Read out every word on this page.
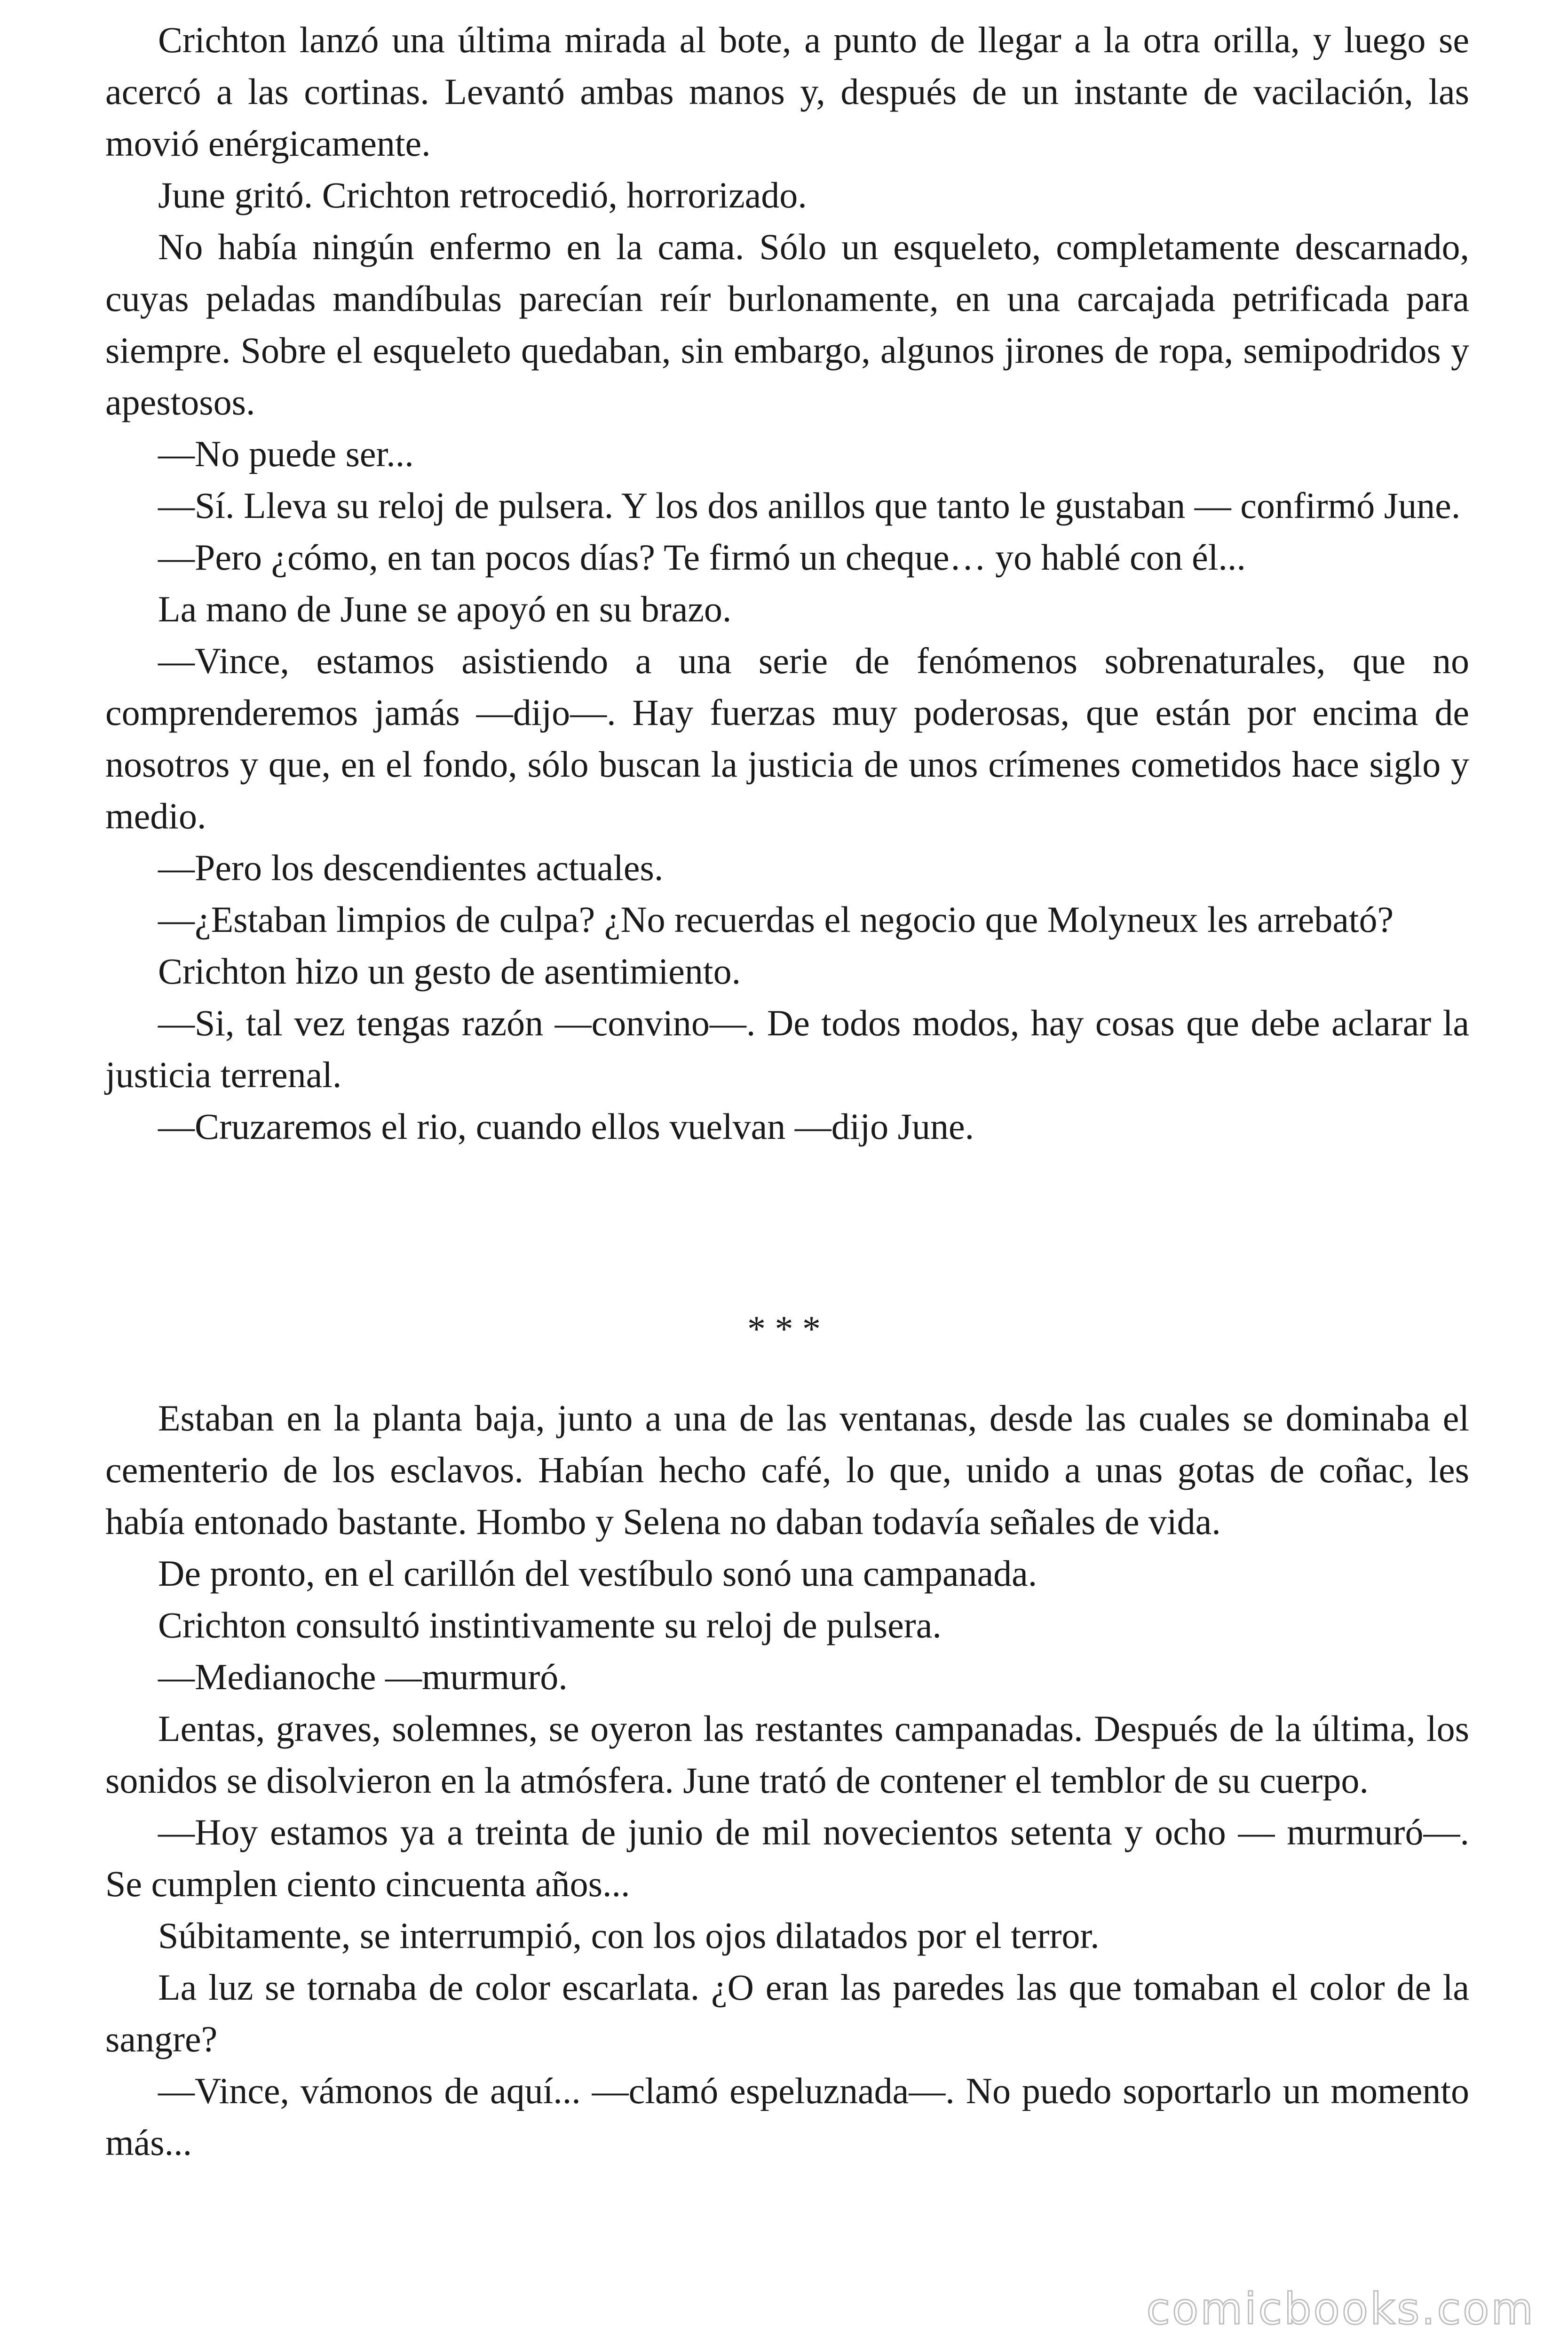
Crichton lanzó una última mirada al bote, a punto de llegar a la otra orilla, y luego se acercó a las cortinas. Levantó ambas manos y, después de un instante de vacilación, las movió enérgicamente.

June gritó. Crichton retrocedió, horrorizado.

No había ningún enfermo en la cama. Sólo un esqueleto, completamente descarnado, cuyas peladas mandíbulas parecían reír burlonamente, en una carcajada petrificada para siempre. Sobre el esqueleto quedaban, sin embargo, algunos jirones de ropa, semipodridos y apestosos.

—No puede ser...

—Sí. Lleva su reloj de pulsera. Y los dos anillos que tanto le gustaban — confirmó June.

—Pero ¿cómo, en tan pocos días? Te firmó un cheque… yo hablé con él...

La mano de June se apoyó en su brazo.

—Vince, estamos asistiendo a una serie de fenómenos sobrenaturales, que no comprenderemos jamás —dijo—. Hay fuerzas muy poderosas, que están por encima de nosotros y que, en el fondo, sólo buscan la justicia de unos crímenes cometidos hace siglo y medio.

—Pero los descendientes actuales.

—¿Estaban limpios de culpa? ¿No recuerdas el negocio que Molyneux les arrebató?

Crichton hizo un gesto de asentimiento.

—Si, tal vez tengas razón —convino—. De todos modos, hay cosas que debe aclarar la justicia terrenal.

—Cruzaremos el rio, cuando ellos vuelvan —dijo June.

* * *

Estaban en la planta baja, junto a una de las ventanas, desde las cuales se dominaba el cementerio de los esclavos. Habían hecho café, lo que, unido a unas gotas de coñac, les había entonado bastante. Hombo y Selena no daban todavía señales de vida.

De pronto, en el carillón del vestíbulo sonó una campanada.

Crichton consultó instintivamente su reloj de pulsera.

—Medianoche —murmuró.

Lentas, graves, solemnes, se oyeron las restantes campanadas. Después de la última, los sonidos se disolvieron en la atmósfera. June trató de contener el temblor de su cuerpo.

—Hoy estamos ya a treinta de junio de mil novecientos setenta y ocho — murmuró—. Se cumplen ciento cincuenta años...

Súbitamente, se interrumpió, con los ojos dilatados por el terror.

La luz se tornaba de color escarlata. ¿O eran las paredes las que tomaban el color de la sangre?

—Vince, vámonos de aquí... —clamó espeluznada—. No puedo soportarlo un momento más...

comicbooks.com
